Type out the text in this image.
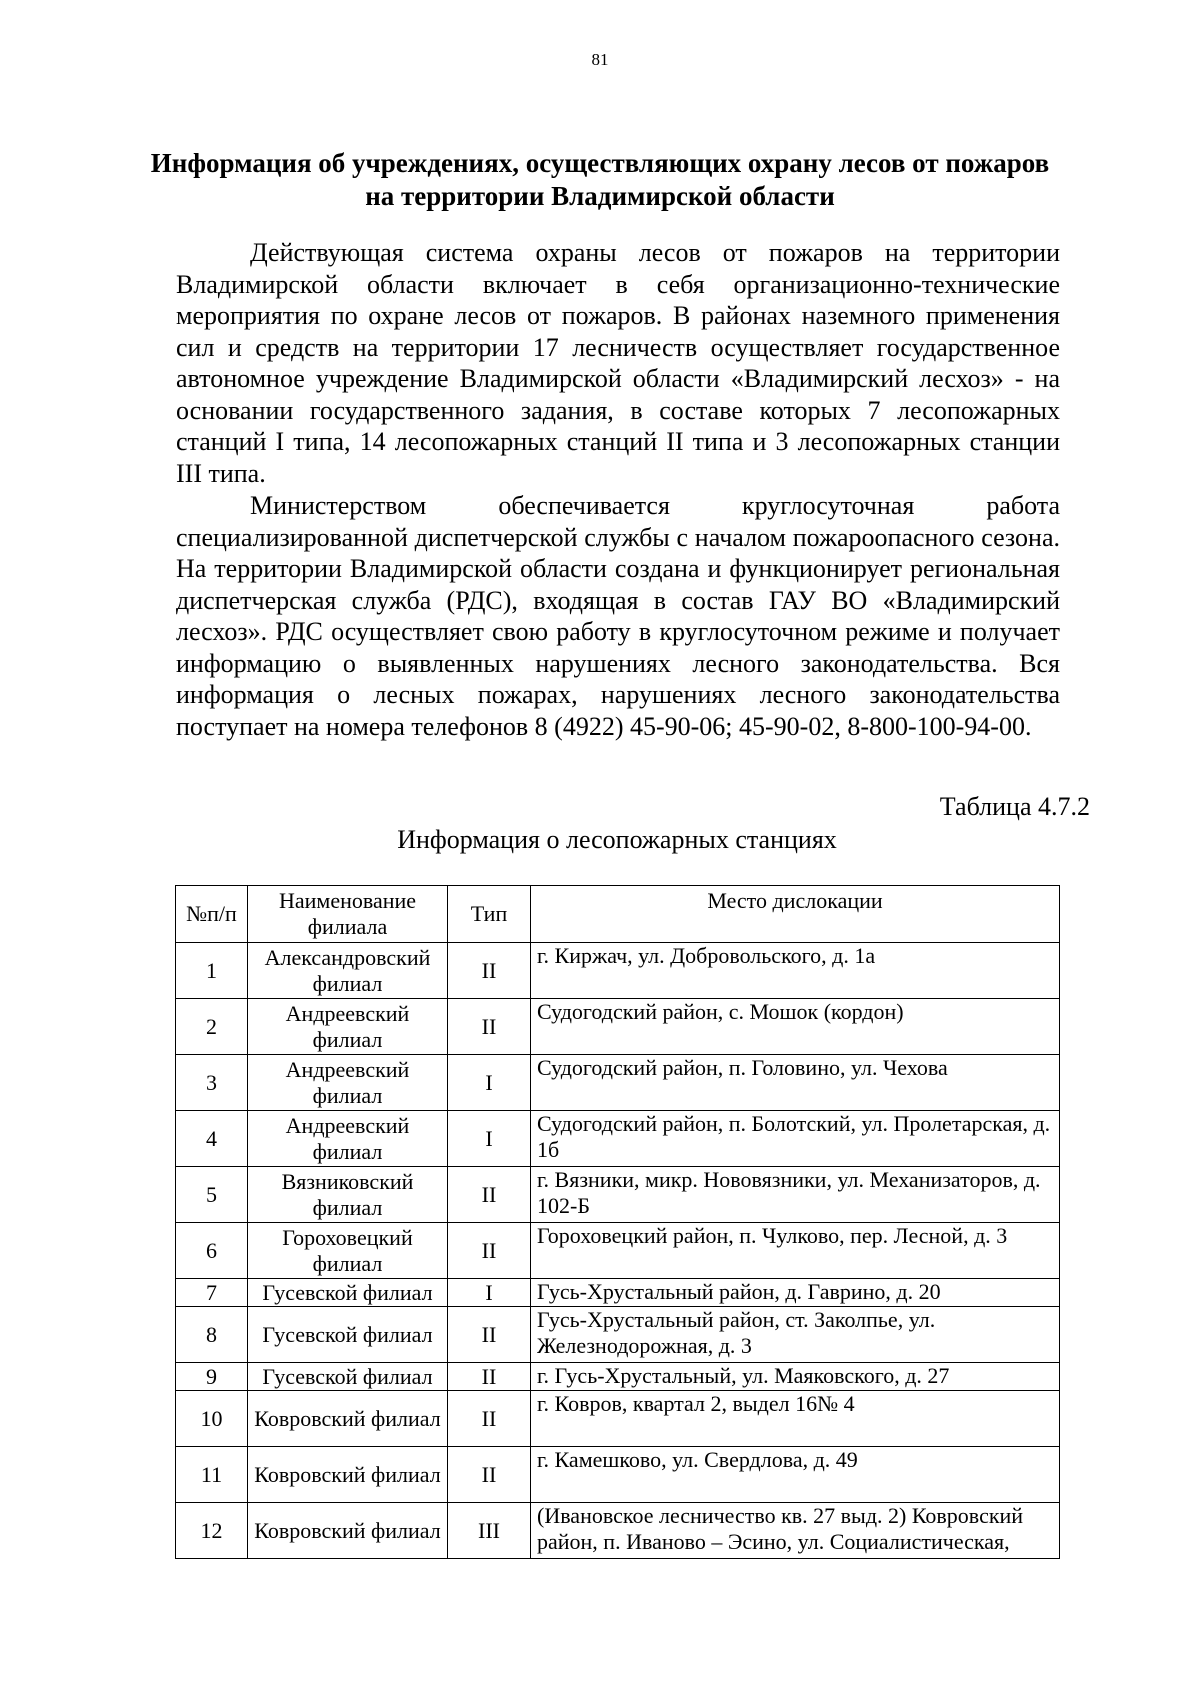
81
Информация об учреждениях, осуществляющих охрану лесов от пожаров
на территории Владимирской области

Действующая система охраны лесов от пожаров на территории Владимирской области включает в себя организационно-технические мероприятия по охране лесов от пожаров. В районах наземного применения сил и средств на территории 17 лесничеств осуществляет государственное автономное учреждение Владимирской области «Владимирский лесхоз» - на основании государственного задания, в составе которых 7 лесопожарных станций I типа, 14 лесопожарных станций II типа и 3 лесопожарных станции III типа.

Министерством обеспечивается круглосуточная работа специализированной диспетчерской службы с началом пожароопасного сезона. На территории Владимирской области создана и функционирует региональная диспетчерская служба (РДС), входящая в состав ГАУ ВО «Владимирский лесхоз». РДС осуществляет свою работу в круглосуточном режиме и получает информацию о выявленных нарушениях лесного законодательства. Вся информация о лесных пожарах, нарушениях лесного законодательства поступает на номера телефонов 8 (4922) 45-90-06; 45-90-02, 8-800-100-94-00.

Таблица 4.7.2
Информация о лесопожарных станциях
№п/п	Наименование филиала	Тип	Место дислокации
1	Александровский филиал	II	г. Киржач, ул. Добровольского, д. 1а
2	Андреевский филиал	II	Судогодский район, с. Мошок (кордон)
3	Андреевский филиал	I	Судогодский район, п. Головино, ул. Чехова
4	Андреевский филиал	I	Судогодский район, п. Болотский, ул. Пролетарская, д. 1б
5	Вязниковский филиал	II	г. Вязники, микр. Нововязники, ул. Механизаторов, д. 102-Б
6	Гороховецкий филиал	II	Гороховецкий район, п. Чулково, пер. Лесной, д. 3
7	Гусевской филиал	I	Гусь-Хрустальный район, д. Гаврино, д. 20
8	Гусевской филиал	II	Гусь-Хрустальный район, ст. Заколпье, ул. Железнодорожная, д. 3
9	Гусевской филиал	II	г. Гусь-Хрустальный, ул. Маяковского, д. 27
10	Ковровский филиал	II	г. Ковров, квартал 2, выдел 16№ 4
11	Ковровский филиал	II	г. Камешково, ул. Свердлова, д. 49
12	Ковровский филиал	III	(Ивановское лесничество кв. 27 выд. 2) Ковровский район, п. Иваново – Эсино, ул. Социалистическая,
